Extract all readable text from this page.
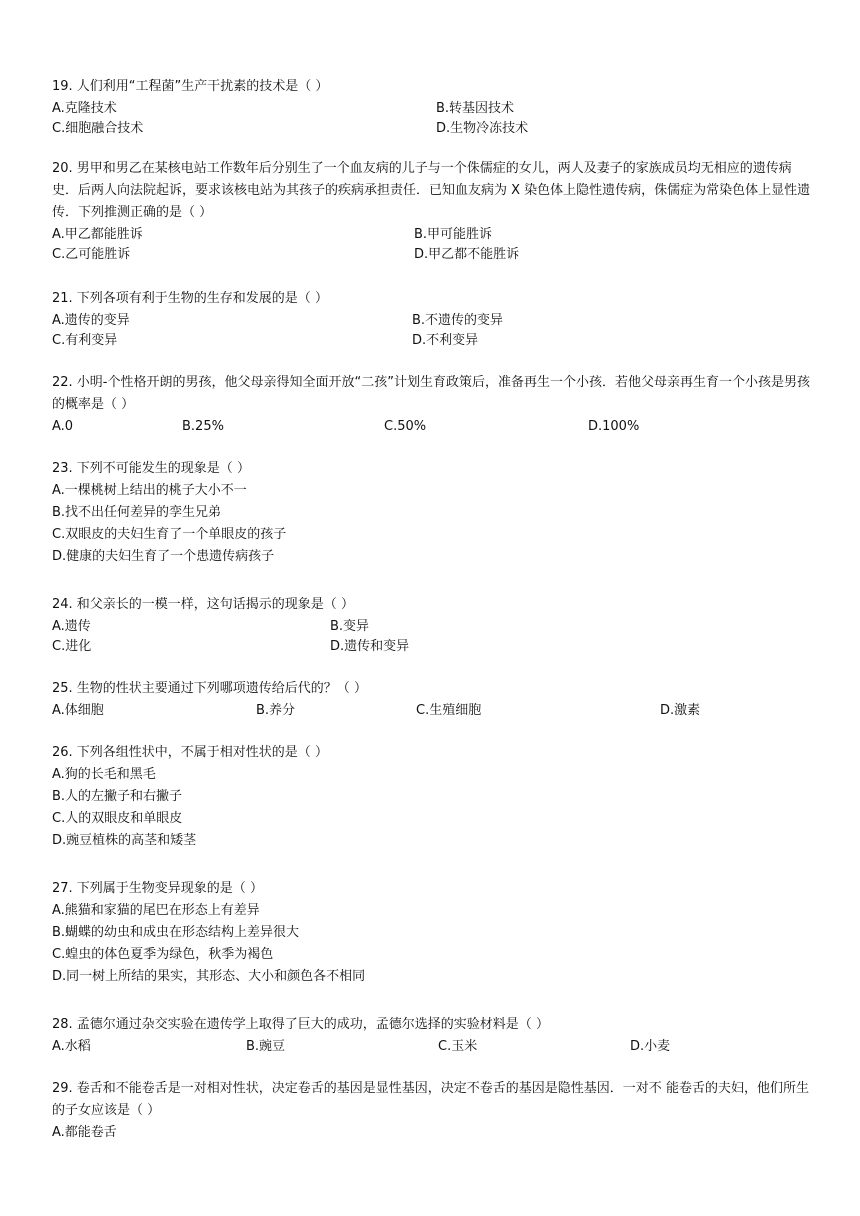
19. 人们利用“工程菌”生产干扰素的技术是（ ）
A.克隆技术	B.转基因技术
C.细胞融合技术	D.生物冷冻技术
20. 男甲和男乙在某核电站工作数年后分别生了一个血友病的儿子与一个侏儒症的女儿，两人及妻子的家族成员均无相应的遗传病史．后两人向法院起诉，要求该核电站为其孩子的疾病承担责任．已知血友病为 X 染色体上隐性遗传病，侏儒症为常染色体上显性遗传．下列推测正确的是（ ）
A.甲乙都能胜诉	B.甲可能胜诉
C.乙可能胜诉	D.甲乙都不能胜诉
21. 下列各项有利于生物的生存和发展的是（ ）
A.遗传的变异	B.不遗传的变异
C.有利变异	D.不利变异
22. 小明-个性格开朗的男孩，他父母亲得知全面开放“二孩”计划生育政策后，准备再生一个小孩．若他父母亲再生育一个小孩是男孩的概率是（ ）
A.0	B.25%	C.50%	D.100%
23. 下列不可能发生的现象是（ ）
A.一棵桃树上结出的桃子大小不一
B.找不出任何差异的孪生兄弟
C.双眼皮的夫妇生育了一个单眼皮的孩子
D.健康的夫妇生育了一个患遗传病孩子
24. 和父亲长的一模一样，这句话揭示的现象是（ ）
A.遗传	B.变异
C.进化	D.遗传和变异
25. 生物的性状主要通过下列哪项遗传给后代的？（ ）
A.体细胞	B.养分	C.生殖细胞	D.激素
26. 下列各组性状中，不属于相对性状的是（ ）
A.狗的长毛和黑毛
B.人的左撇子和右撇子
C.人的双眼皮和单眼皮
D.豌豆植株的高茎和矮茎
27. 下列属于生物变异现象的是（ ）
A.熊猫和家猫的尾巴在形态上有差异
B.蝴蝶的幼虫和成虫在形态结构上差异很大
C.蝗虫的体色夏季为绿色，秋季为褐色
D.同一树上所结的果实，其形态、大小和颜色各不相同
28. 孟德尔通过杂交实验在遗传学上取得了巨大的成功，孟德尔选择的实验材料是（ ）
A.水稻	B.豌豆	C.玉米	D.小麦
29. 卷舌和不能卷舌是一对相对性状，决定卷舌的基因是显性基因，决定不卷舌的基因是隐性基因．一对不 能卷舌的夫妇，他们所生的子女应该是（ ）
A.都能卷舌
